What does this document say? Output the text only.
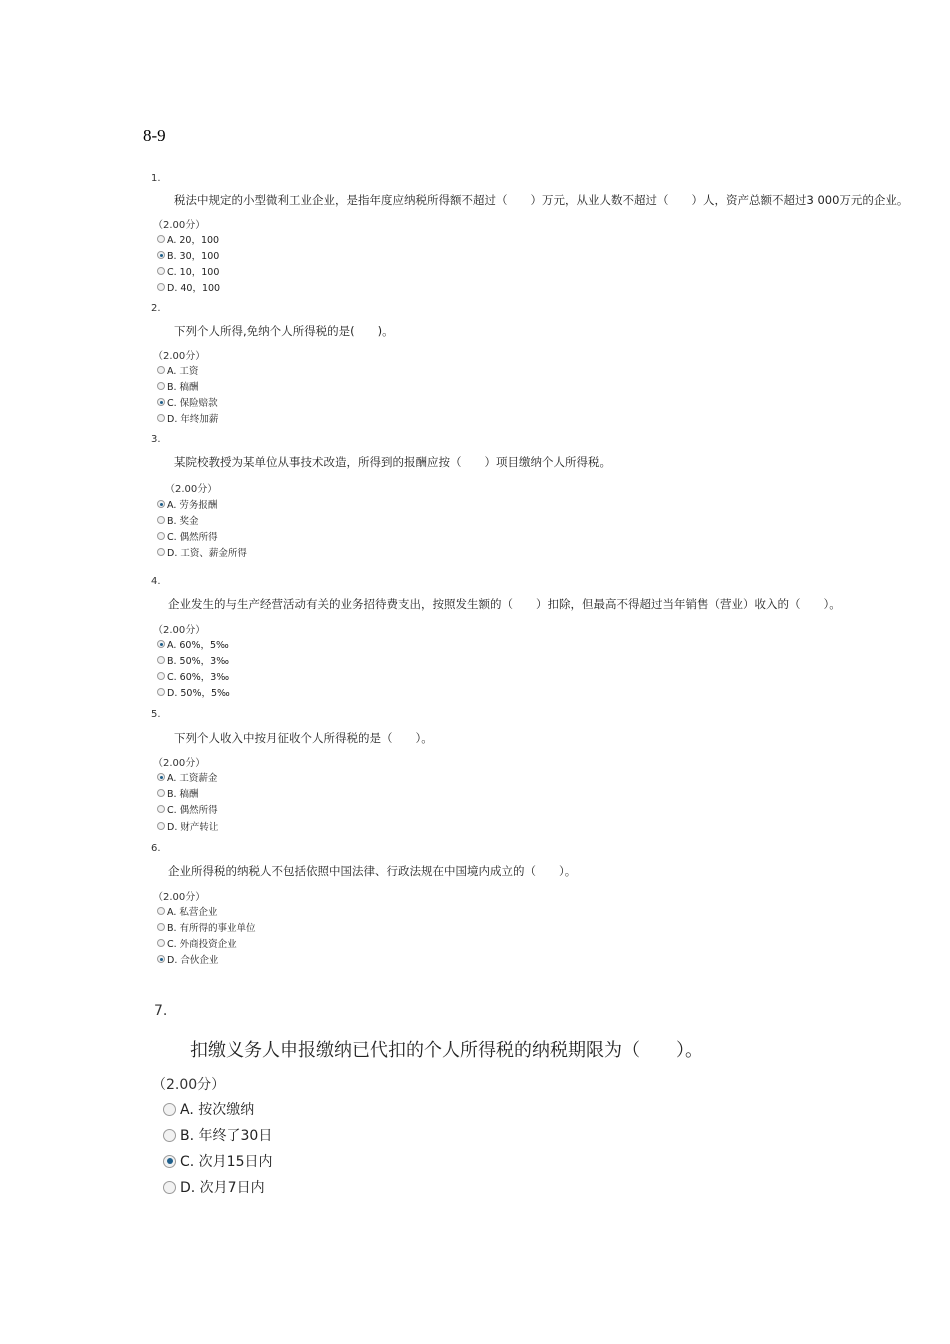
8-9
1.
税法中规定的小型微利工业企业，是指年度应纳税所得额不超过（　　）万元，从业人数不超过（　　）人，资产总额不超过3 000万元的企业。
（2.00分）
A. 20，100
B. 30，100
C. 10，100
D. 40，100
2.
下列个人所得,免纳个人所得税的是(　　)。
（2.00分）
A. 工资
B. 稿酬
C. 保险赔款
D. 年终加薪
3.
某院校教授为某单位从事技术改造，所得到的报酬应按（　　）项目缴纳个人所得税。
（2.00分）
A. 劳务报酬
B. 奖金
C. 偶然所得
D. 工资、薪金所得
4.
企业发生的与生产经营活动有关的业务招待费支出，按照发生额的（　　）扣除，但最高不得超过当年销售（营业）收入的（　　）。
（2.00分）
A. 60%，5‰
B. 50%，3‰
C. 60%，3‰
D. 50%，5‰
5.
下列个人收入中按月征收个人所得税的是（　　）。
（2.00分）
A. 工资薪金
B. 稿酬
C. 偶然所得
D. 财产转让
6.
企业所得税的纳税人不包括依照中国法律、行政法规在中国境内成立的（　　）。
（2.00分）
A. 私营企业
B. 有所得的事业单位
C. 外商投资企业
D. 合伙企业
7.
扣缴义务人申报缴纳已代扣的个人所得税的纳税期限为（　　）。
（2.00分）
A. 按次缴纳
B. 年终了30日
C. 次月15日内
D. 次月7日内
